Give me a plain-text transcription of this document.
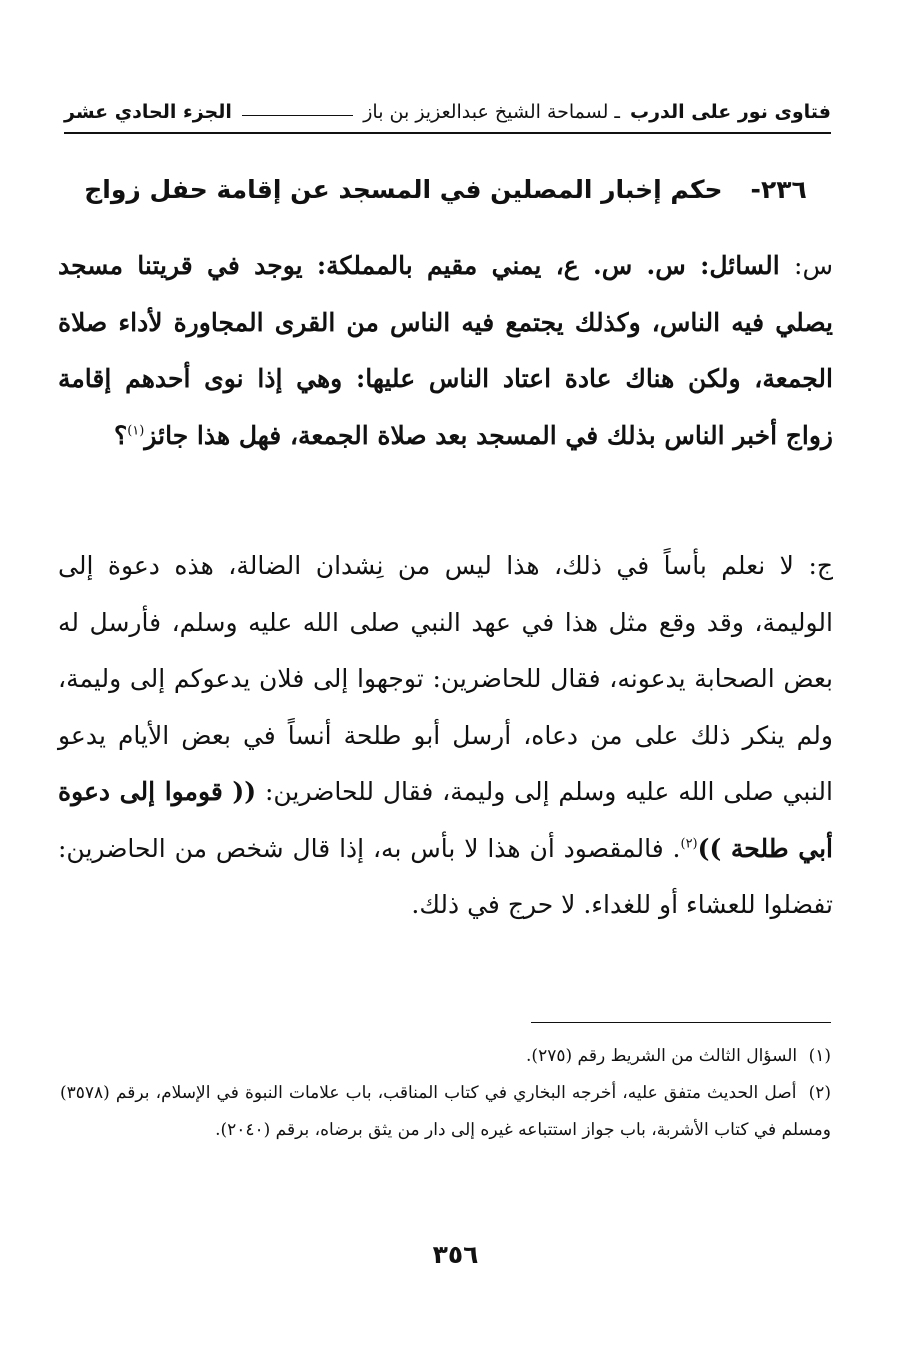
فتاوى نور على الدرب
ـ لسماحة الشيخ عبدالعزيز بن باز
الجزء الحادي عشر
٢٣٦-حكم إخبار المصلين في المسجد عن إقامة حفل زواج
س: السائل: س. س. ع، يمني مقيم بالمملكة: يوجد في قريتنا مسجد يصلي فيه الناس، وكذلك يجتمع فيه الناس من القرى المجاورة لأداء صلاة الجمعة، ولكن هناك عادة اعتاد الناس عليها: وهي إذا نوى أحدهم إقامة زواج أخبر الناس بذلك في المسجد بعد صلاة الجمعة، فهل هذا جائز$^{(١)}$؟
ج: لا نعلم بأساً في ذلك، هذا ليس من نِشدان الضالة، هذه دعوة إلى الوليمة، وقد وقع مثل هذا في عهد النبي صلى الله عليه وسلم، فأرسل له بعض الصحابة يدعونه، فقال للحاضرين: توجهوا إلى فلان يدعوكم إلى وليمة، ولم ينكر ذلك على من دعاه، أرسل أبو طلحة أنساً في بعض الأيام يدعو النبي صلى الله عليه وسلم إلى وليمة، فقال للحاضرين: (( قوموا إلى دعوة أبي طلحة ))$^{(٢)}$. فالمقصود أن هذا لا بأس به، إذا قال شخص من الحاضرين: تفضلوا للعشاء أو للغداء. لا حرج في ذلك.
(١) السؤال الثالث من الشريط رقم (٢٧٥).
(٢) أصل الحديث متفق عليه، أخرجه البخاري في كتاب المناقب، باب علامات النبوة في الإسلام، برقم (٣٥٧٨) ومسلم في كتاب الأشربة، باب جواز استتباعه غيره إلى دار من يثق برضاه، برقم (٢٠٤٠).
٣٥٦
